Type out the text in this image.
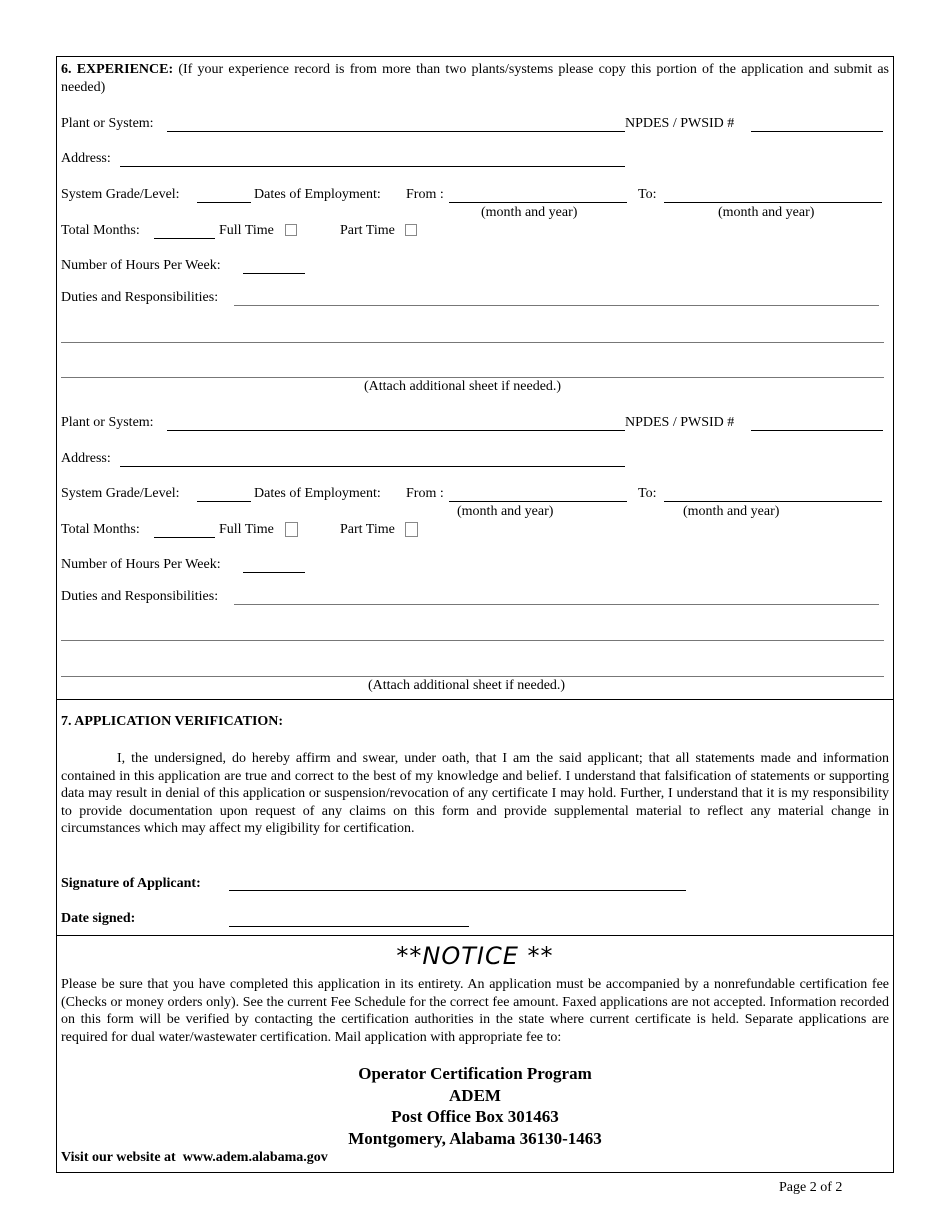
6. EXPERIENCE: (If your experience record is from more than two plants/systems please copy this portion of the application and submit as needed)
Plant or System:	NPDES / PWSID #
Address:
System Grade/Level:	Dates of Employment: From :	To:
(month and year)	(month and year)
Total Months:	Full Time	Part Time
Number of Hours Per Week:
Duties and Responsibilities:
(Attach additional sheet if needed.)
Plant or System:	NPDES / PWSID #
Address:
System Grade/Level:	Dates of Employment: From :	To:
(month and year)	(month and year)
Total Months:	Full Time	Part Time
Number of Hours Per Week:
Duties and Responsibilities:
(Attach additional sheet if needed.)
7. APPLICATION VERIFICATION:
I, the undersigned, do hereby affirm and swear, under oath, that I am the said applicant; that all statements made and information contained in this application are true and correct to the best of my knowledge and belief. I understand that falsification of statements or supporting data may result in denial of this application or suspension/revocation of any certificate I may hold. Further, I understand that it is my responsibility to provide documentation upon request of any claims on this form and provide supplemental material to reflect any material change in circumstances which may affect my eligibility for certification.
Signature of Applicant:
Date signed:
**NOTICE **
Please be sure that you have completed this application in its entirety. An application must be accompanied by a nonrefundable certification fee (Checks or money orders only). See the current Fee Schedule for the correct fee amount. Faxed applications are not accepted. Information recorded on this form will be verified by contacting the certification authorities in the state where current certificate is held. Separate applications are required for dual water/wastewater certification. Mail application with appropriate fee to:
Operator Certification Program
ADEM
Post Office Box 301463
Montgomery, Alabama 36130-1463
Visit our website at www.adem.alabama.gov
Page 2 of 2
